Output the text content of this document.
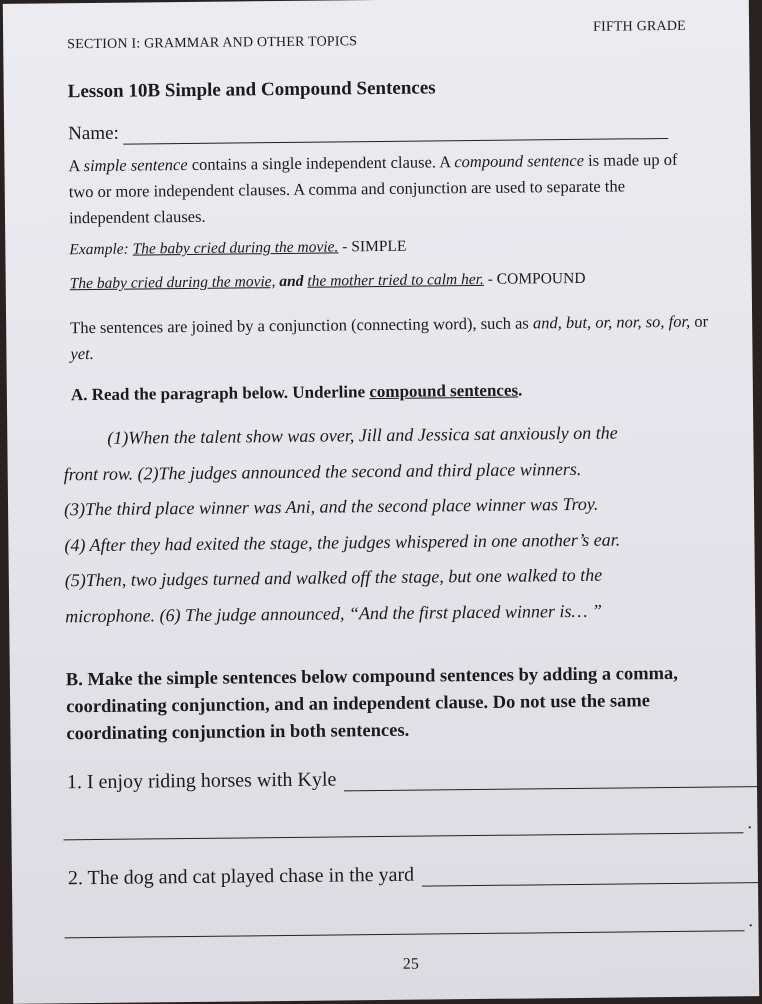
SECTION I: GRAMMAR AND OTHER TOPICS
FIFTH GRADE
Lesson 10B Simple and Compound Sentences
Name:
A simple sentence contains a single independent clause. A compound sentence is made up of two or more independent clauses. A comma and conjunction are used to separate the independent clauses.
Example: The baby cried during the movie. - SIMPLE
The baby cried during the movie, and the mother tried to calm her. - COMPOUND
The sentences are joined by a conjunction (connecting word), such as and, but, or, nor, so, for, or yet.
A. Read the paragraph below. Underline compound sentences.

(1)When the talent show was over, Jill and Jessica sat anxiously on the

front row. (2)The judges announced the second and third place winners.

(3)The third place winner was Ani, and the second place winner was Troy.

(4) After they had exited the stage, the judges whispered in one another’s ear.

(5)Then, two judges turned and walked off the stage, but one walked to the

microphone. (6) The judge announced, “And the first placed winner is… ”

B. Make the simple sentences below compound sentences by adding a comma, coordinating conjunction, and an independent clause. Do not use the same coordinating conjunction in both sentences.
1. I enjoy riding horses with Kyle
.
2. The dog and cat played chase in the yard
.
25
